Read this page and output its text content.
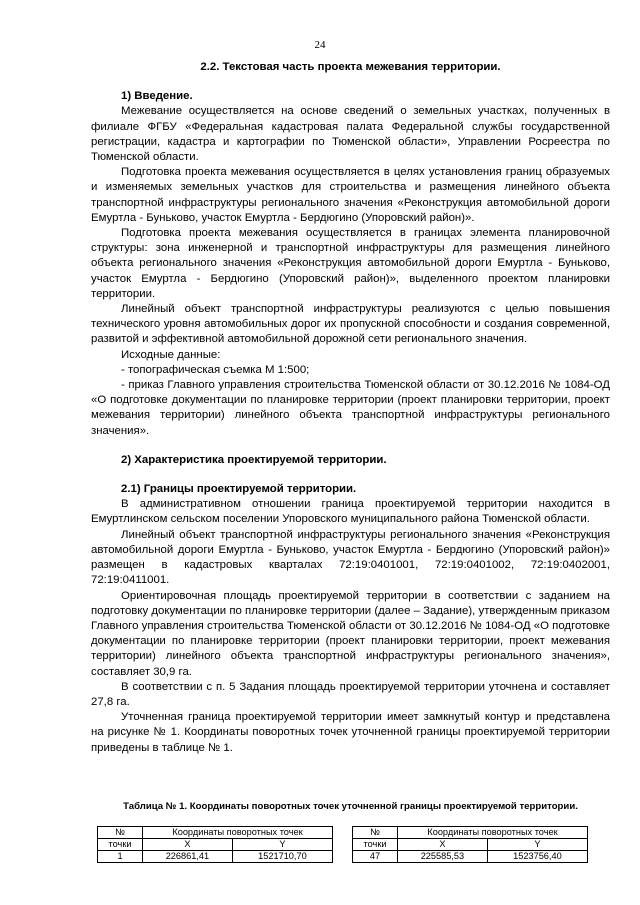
24
2.2. Текстовая часть проекта межевания территории.
1) Введение.

Межевание осуществляется на основе сведений о земельных участках, полученных в филиале ФГБУ «Федеральная кадастровая палата Федеральной службы государственной регистрации, кадастра и картографии по Тюменской области», Управлении Росреестра по Тюменской области.

Подготовка проекта межевания осуществляется в целях установления границ образуемых и изменяемых земельных участков для строительства и размещения линейного объекта транспортной инфраструктуры регионального значения «Реконструкция автомобильной дороги Емуртла - Буньково, участок Емуртла - Бердюгино (Упоровский район)».

Подготовка проекта межевания осуществляется в границах элемента планировочной структуры: зона инженерной и транспортной инфраструктуры для размещения линейного объекта регионального значения «Реконструкция автомобильной дороги Емуртла - Буньково, участок Емуртла - Бердюгино (Упоровский район)», выделенного проектом планировки территории.

Линейный объект транспортной инфраструктуры реализуются с целью повышения технического уровня автомобильных дорог их пропускной способности и создания современной, развитой и эффективной автомобильной дорожной сети регионального значения.

Исходные данные:
- топографическая съемка М 1:500;

- приказ Главного управления строительства Тюменской области от 30.12.2016 № 1084-ОД «О подготовке документации по планировке территории (проект планировки территории, проект межевания территории) линейного объекта транспортной инфраструктуры регионального значения».

2) Характеристика проектируемой территории.
2.1) Границы проектируемой территории.

В административном отношении граница проектируемой территории находится в Емуртлинском сельском поселении Упоровского муниципального района Тюменской области.

Линейный объект транспортной инфраструктуры регионального значения «Реконструкция автомобильной дороги Емуртла - Буньково, участок Емуртла - Бердюгино (Упоровский район)» размещен в кадастровых кварталах 72:19:0401001, 72:19:0401002, 72:19:0402001, 72:19:0411001.

Ориентировочная площадь проектируемой территории в соответствии с заданием на подготовку документации по планировке территории (далее – Задание), утвержденным приказом Главного управления строительства Тюменской области от 30.12.2016 № 1084-ОД «О подготовке документации по планировке территории (проект планировки территории, проект межевания территории) линейного объекта транспортной инфраструктуры регионального значения», составляет 30,9 га.

В соответствии с п. 5 Задания площадь проектируемой территории уточнена и составляет 27,8 га.

Уточненная граница проектируемой территории имеет замкнутый контур и представлена на рисунке № 1. Координаты поворотных точек уточненной границы проектируемой территории приведены в таблице № 1.

Таблица № 1. Координаты поворотных точек уточненной границы проектируемой территории.
№	Координаты поворотных точек	
точки	X	Y
1	226861,41	1521710,70
№	Координаты поворотных точек	
точки	X	Y
47	225585,53	1523756,40
